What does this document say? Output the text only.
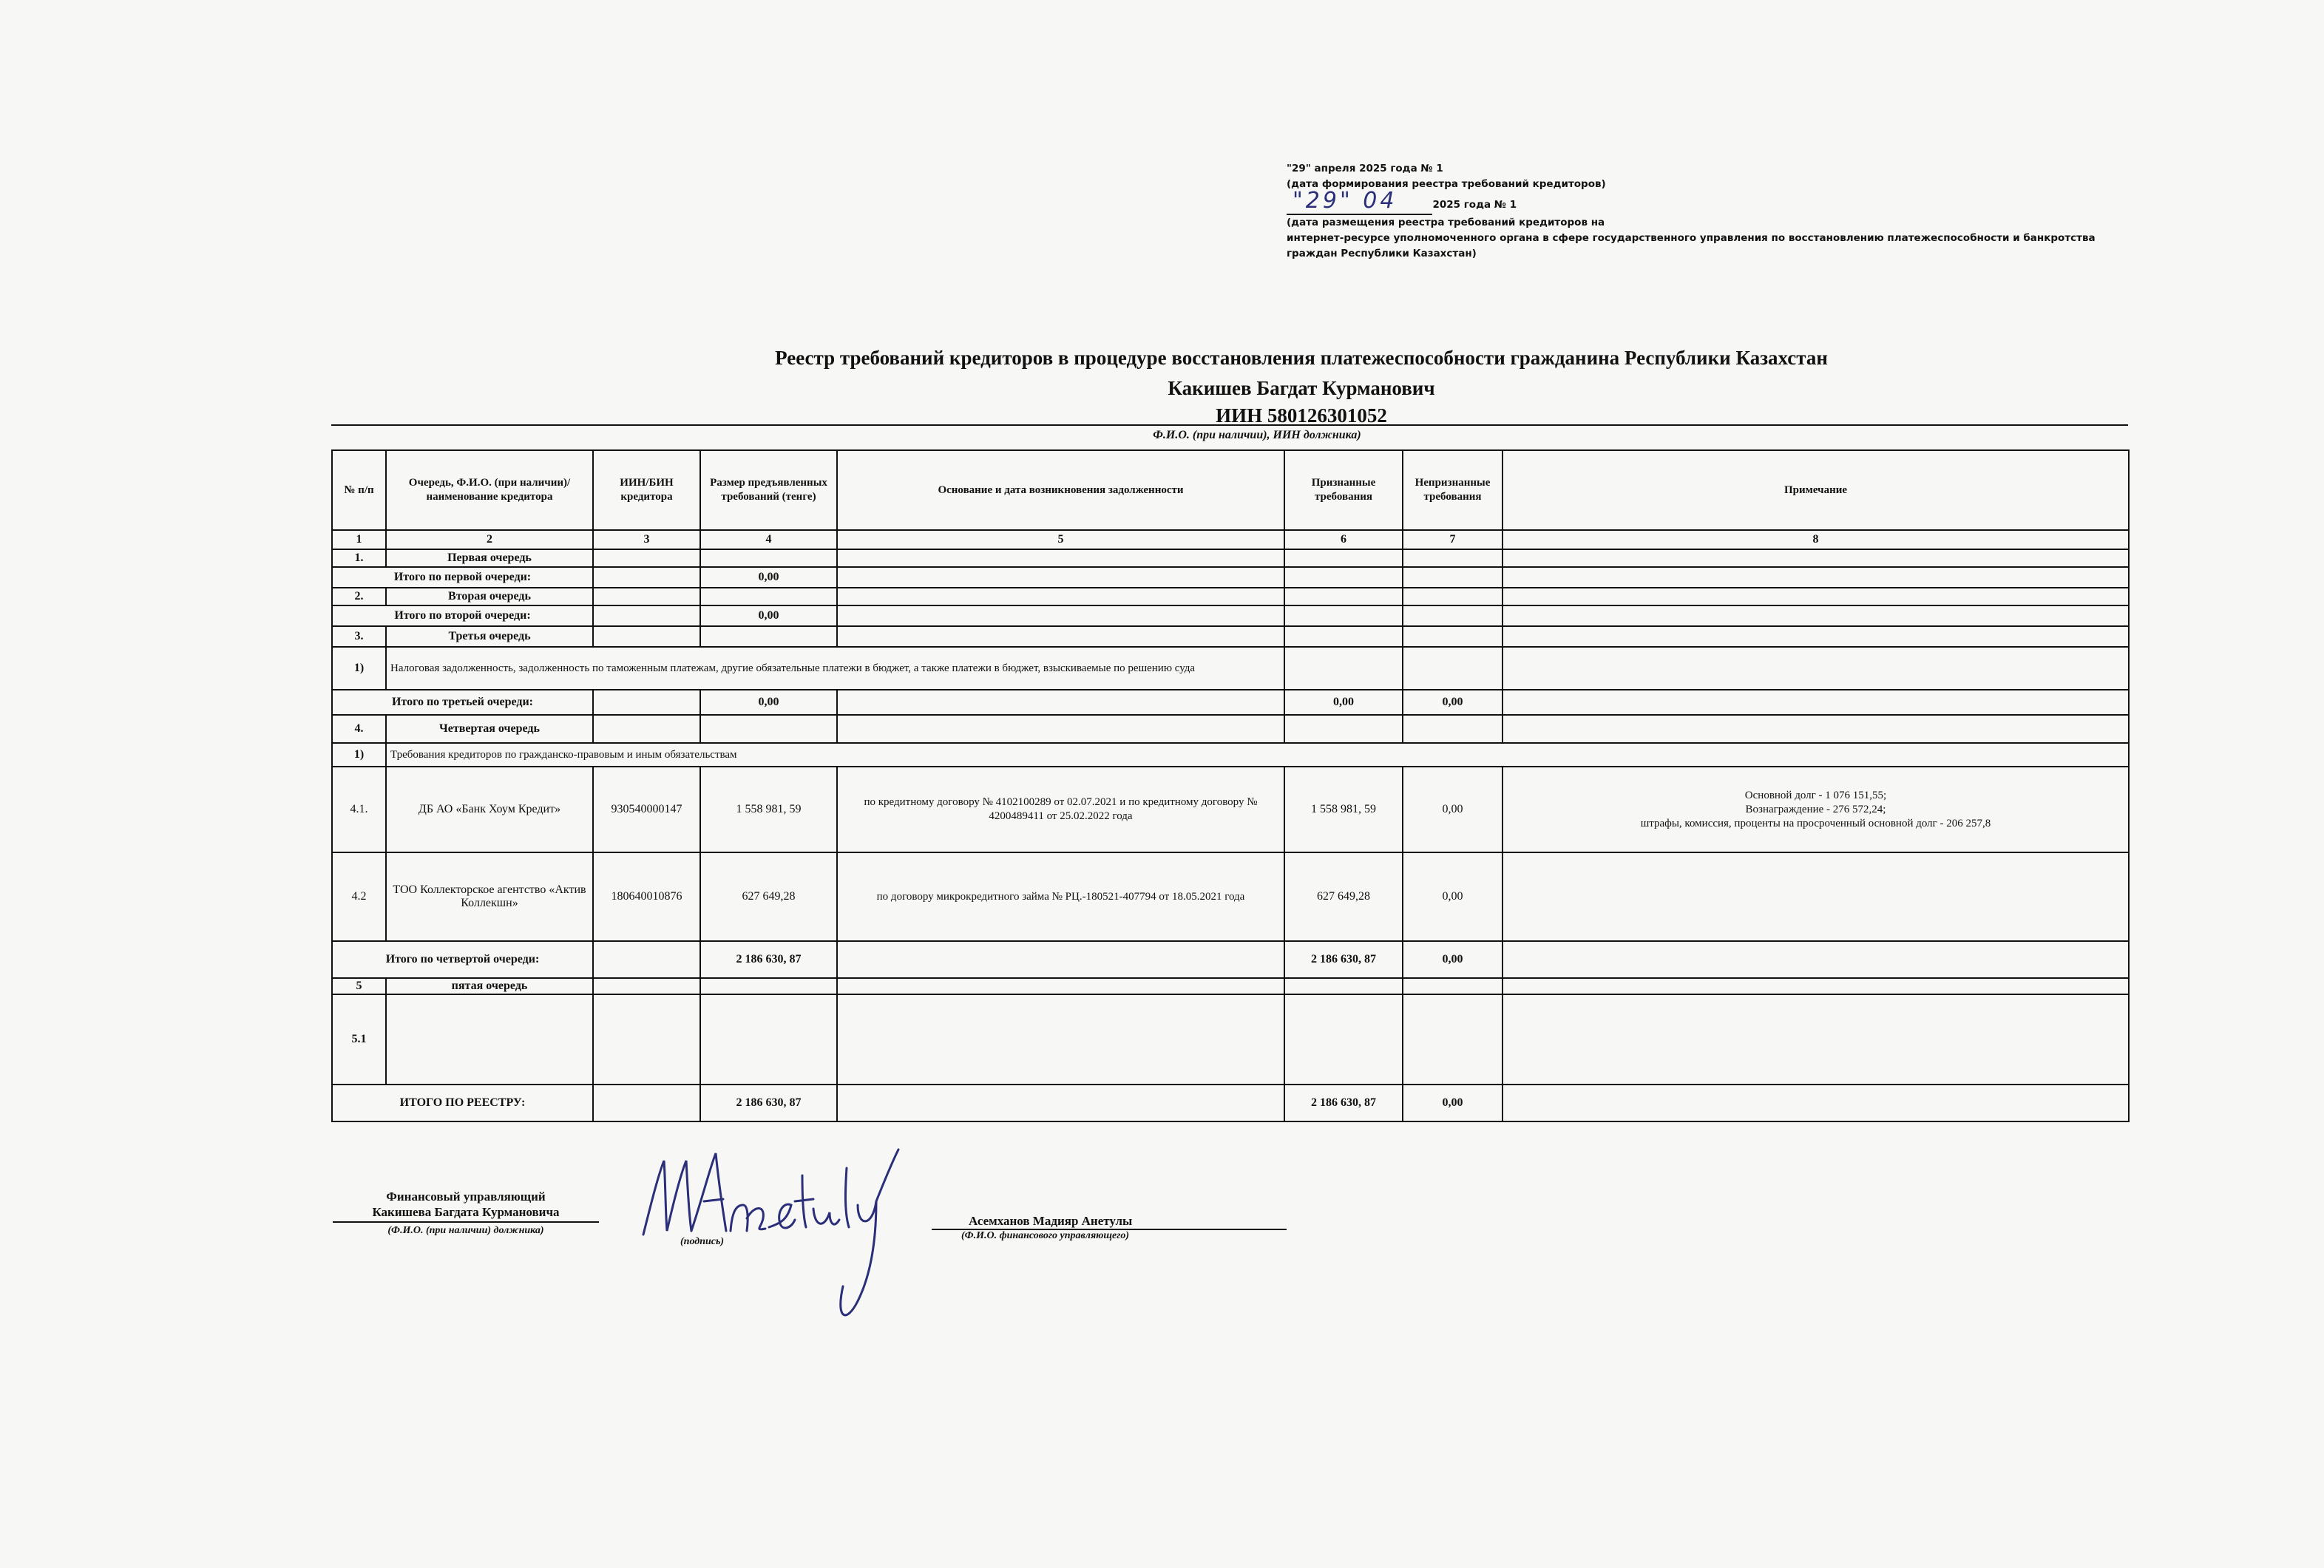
"29" апреля 2025 года № 1
(дата формирования реестра требований кредиторов)
"29" 04	2025 года № 1
(дата размещения реестра требований кредиторов на
интернет-ресурсе уполномоченного органа в сфере государственного управления по восстановлению платежеспособности и банкротства
граждан Республики Казахстан)
Реестр требований кредиторов в процедуре восстановления платежеспособности гражданина Республики Казахстан
Какишев Багдат Курманович
ИИН 580126301052
Ф.И.О. (при наличии), ИИН должника)
№ п/п	Очередь, Ф.И.О. (при наличии)/наименование кредитора	ИИН/БИН кредитора	Размер предъявленных требований (тенге)	Основание и дата возникновения задолженности	Признанные требования	Непризнанные требования	Примечание
1	2	3	4	5	6	7	8
1.	Первая очередь						
Итого по первой очереди:			0,00				
2.	Вторая очередь						
Итого по второй очереди:			0,00				
3.	Третья очередь						
1)	Налоговая задолженность, задолженность по таможенным платежам, другие обязательные платежи в бюджет, а также платежи в бюджет, взыскиваемые по решению суда						
Итого по третьей очереди:			0,00		0,00	0,00	
4.	Четвертая очередь						
1)	Требования кредиторов по гражданско-правовым и иным обязательствам						
4.1.	ДБ АО «Банк Хоум Кредит»	930540000147	1 558 981, 59	по кредитному договору № 4102100289 от 02.07.2021 и по кредитному договору № 4200489411 от 25.02.2022 года	1 558 981, 59	0,00	Основной долг - 1 076 151,55;
Вознаграждение - 276 572,24;
штрафы, комиссия, проценты на просроченный основной долг - 206 257,8

4.2	ТОО Коллекторское агентство «Актив Коллекшн»	180640010876	627 649,28	по договору микрокредитного займа № РЦ.-180521-407794 от 18.05.2021 года	627 649,28	0,00	
Итого по четвертой очереди:			2 186 630, 87		2 186 630, 87	0,00	
5	пятая очередь						
5.1							
ИТОГО ПО РЕЕСТРУ:			2 186 630, 87		2 186 630, 87	0,00	
Финансовый управляющий
Какишева Багдата Курмановича
(Ф.И.О. (при наличии) должника)
(подпись)
Асемханов Мадияр Анетулы
(Ф.И.О. финансового управляющего)
